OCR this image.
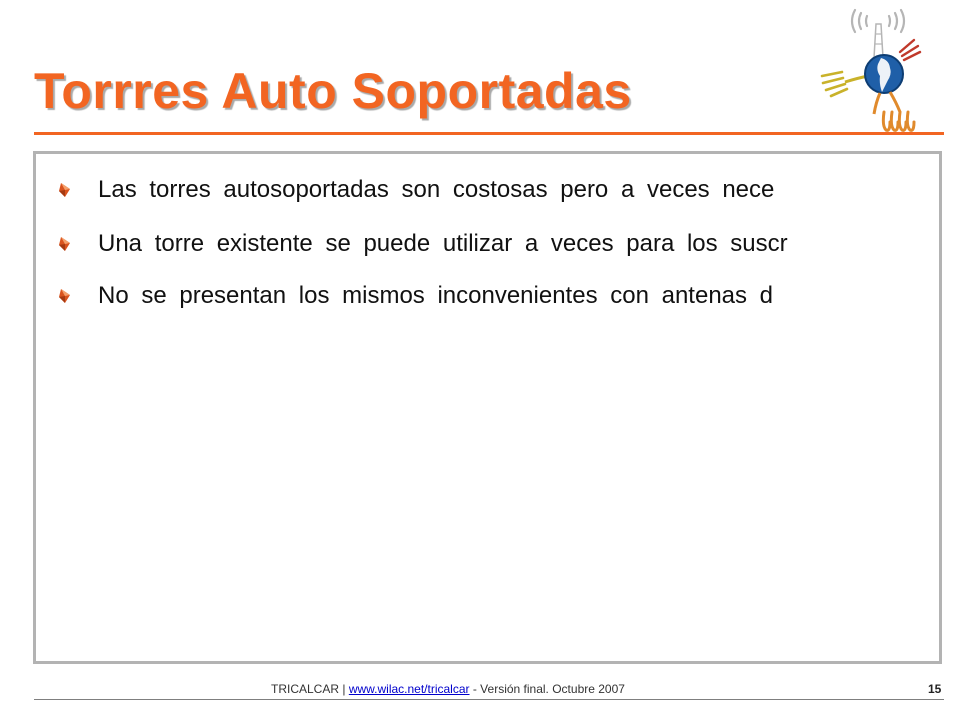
Torrres Auto Soportadas
Las torres autosoportadas son costosas pero a veces nece
Una torre existente se puede utilizar a veces para los suscr
No se presentan los mismos inconvenientes con antenas d
TRICALCAR | www.wilac.net/tricalcar - Versión final. Octubre 2007	15
